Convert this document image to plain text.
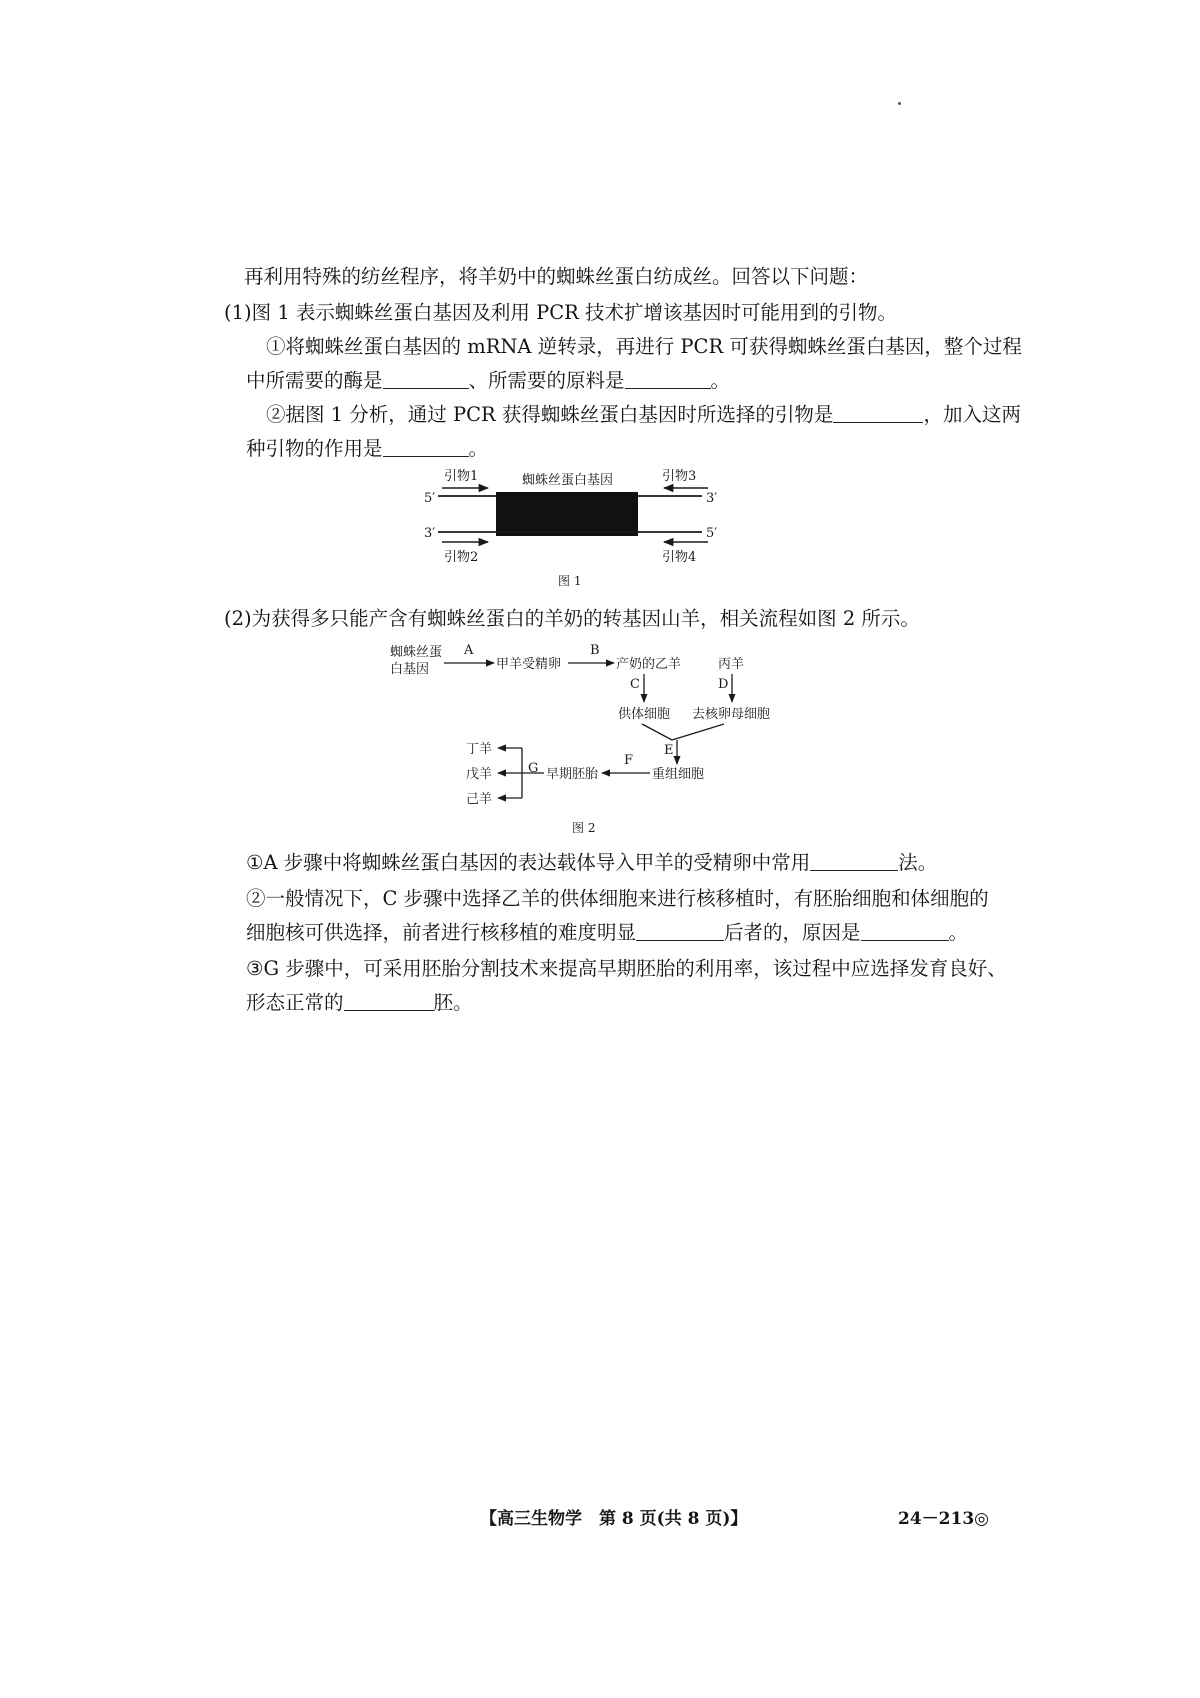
再利用特殊的纺丝程序，将羊奶中的蜘蛛丝蛋白纺成丝。回答以下问题：
(1)图 1 表示蜘蛛丝蛋白基因及利用 PCR 技术扩增该基因时可能用到的引物。
①将蜘蛛丝蛋白基因的 mRNA 逆转录，再进行 PCR 可获得蜘蛛丝蛋白基因，整个过程
中所需要的酶是	、所需要的原料是	。
②据图 1 分析，通过 PCR 获得蜘蛛丝蛋白基因时所选择的引物是	，加入这两
种引物的作用是	。
引物1	蜘蛛丝蛋白基因	引物3
5′	3′
3′	5′
引物2	引物4
图 1
(2)为获得多只能产含有蜘蛛丝蛋白的羊奶的转基因山羊，相关流程如图 2 所示。
蜘蛛丝蛋
白基因
A
甲羊受精卵
B
产奶的乙羊	丙羊
C	D
供体细胞 去核卵母细胞
E
重组细胞
F
早期胚胎
G
丁羊
戊羊
己羊
图 2
①A 步骤中将蜘蛛丝蛋白基因的表达载体导入甲羊的受精卵中常用	法。
②一般情况下，C 步骤中选择乙羊的供体细胞来进行核移植时，有胚胎细胞和体细胞的
细胞核可供选择，前者进行核移植的难度明显	后者的，原因是	。
③G 步骤中，可采用胚胎分割技术来提高早期胚胎的利用率，该过程中应选择发育良好、
形态正常的	胚。
【高三生物学　第 8 页(共 8 页)】	24－213◎
